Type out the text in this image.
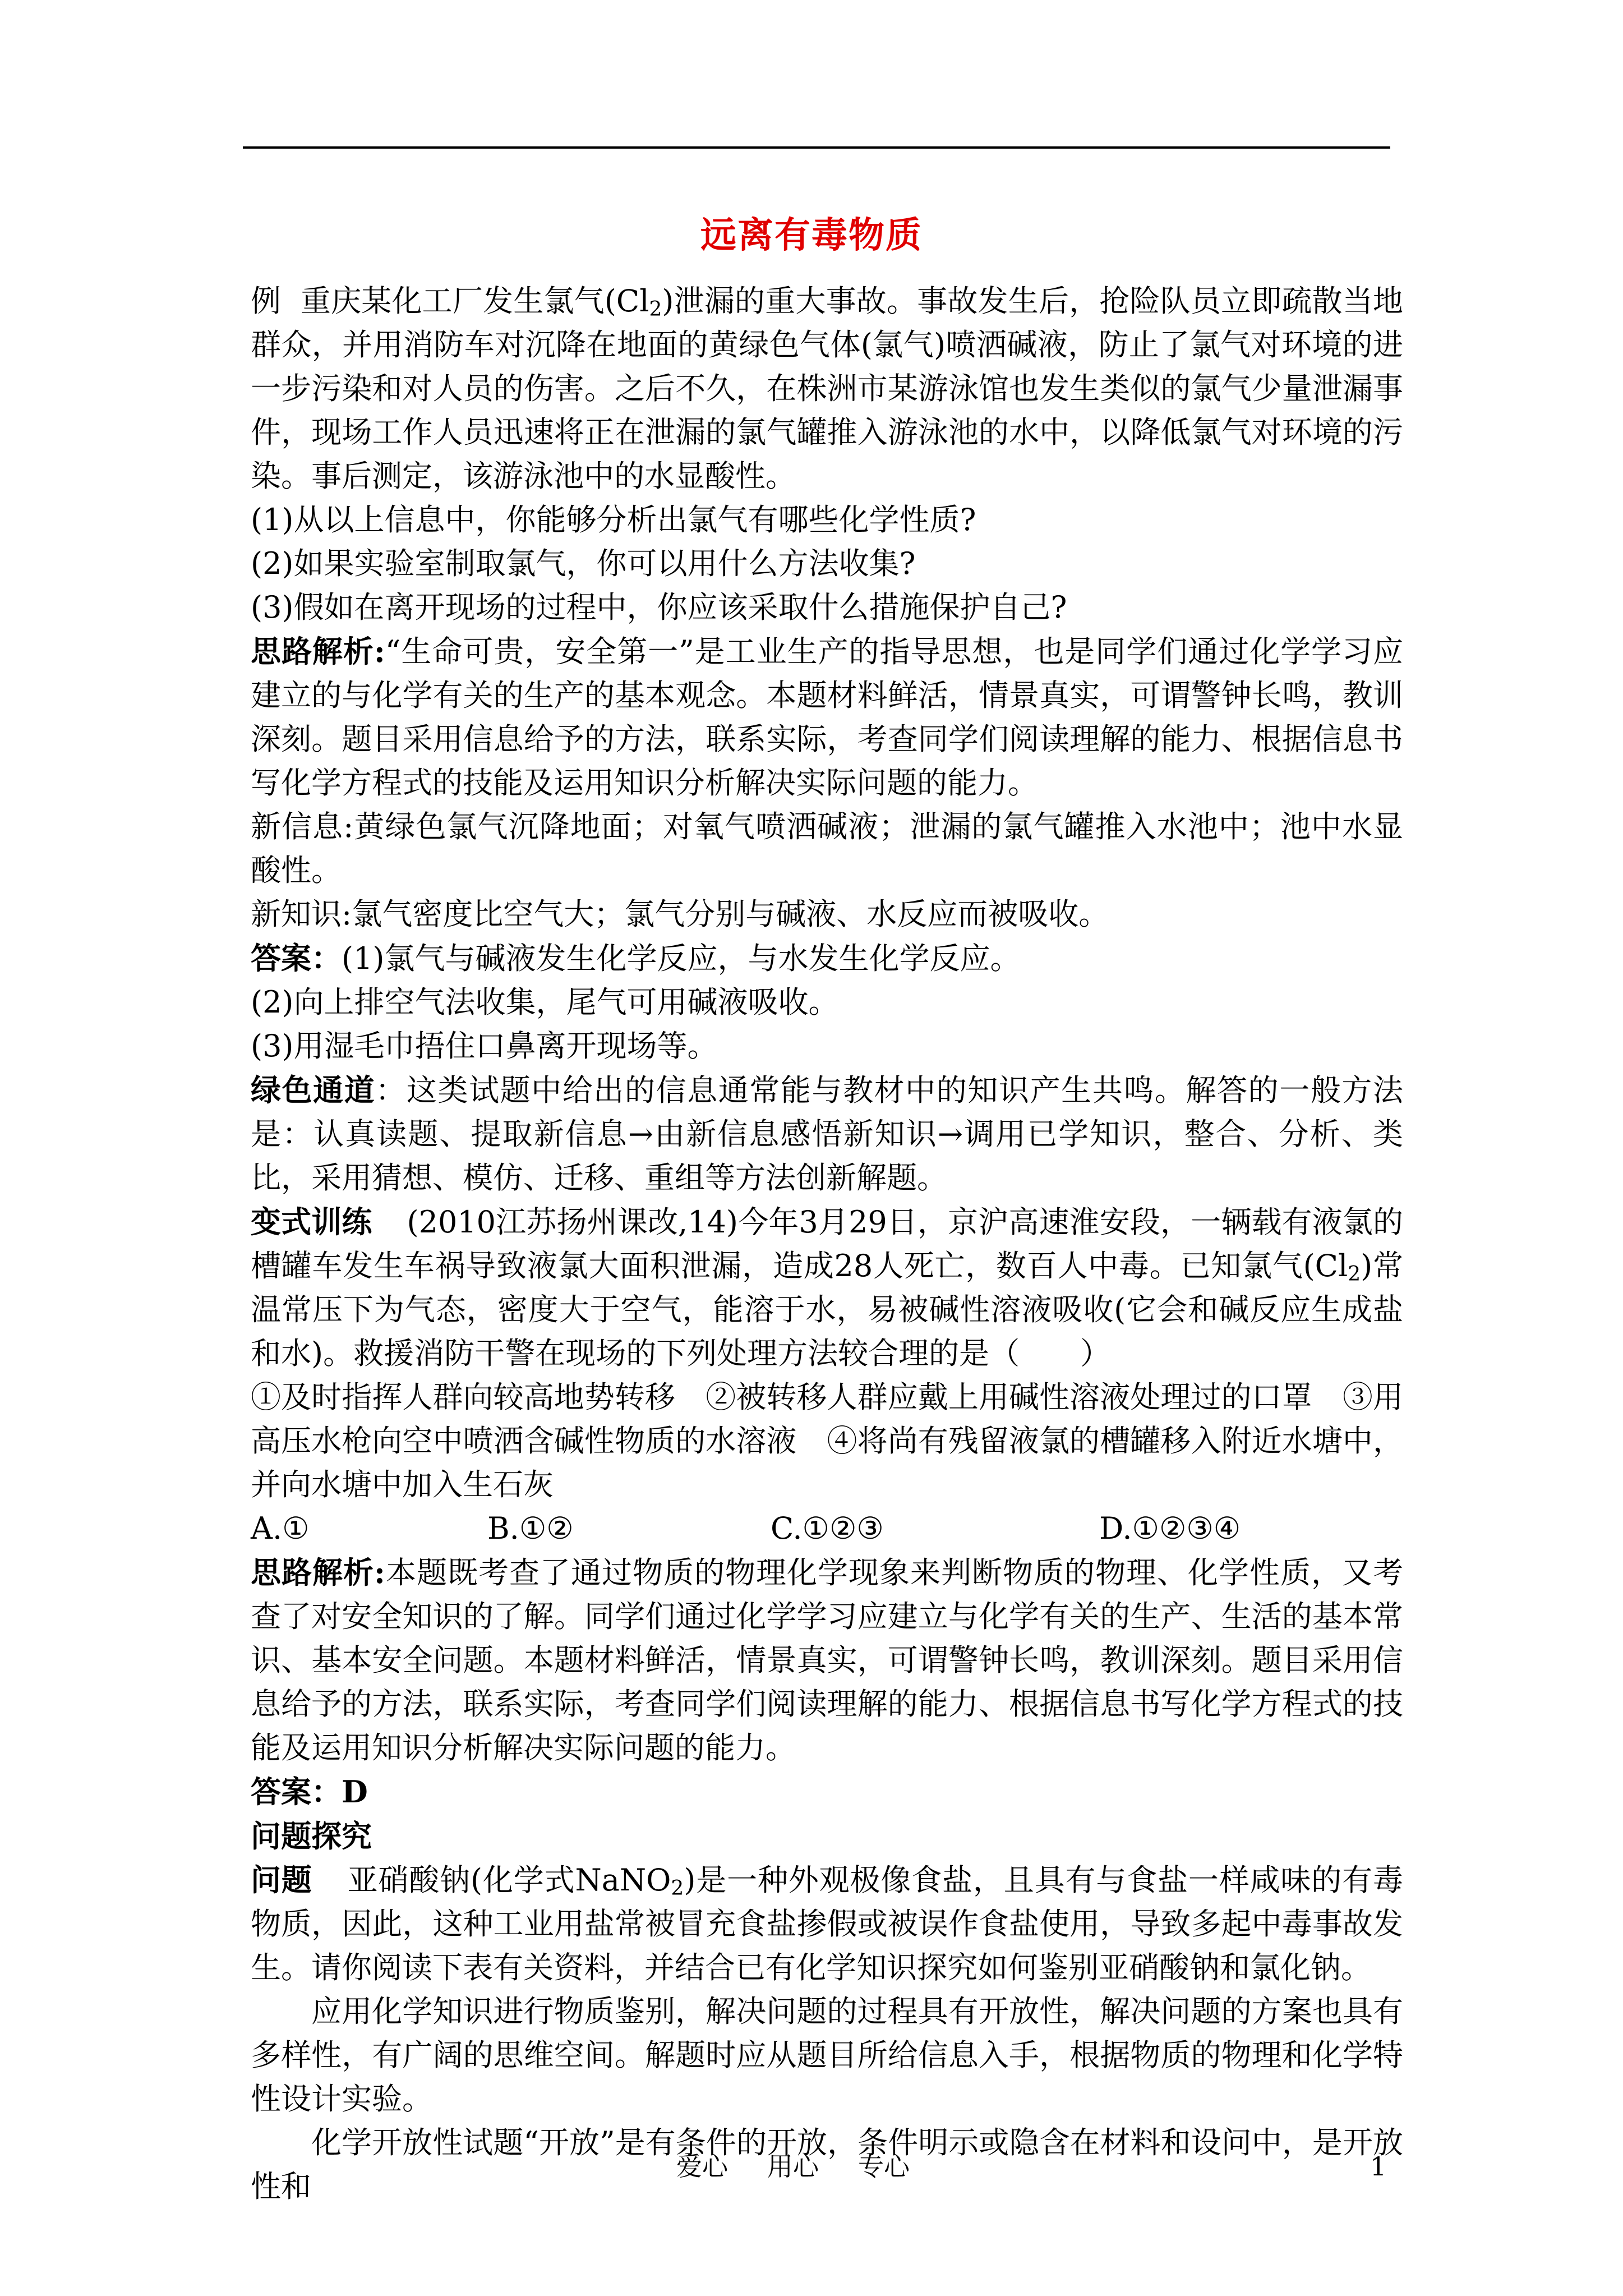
远离有毒物质

例 重庆某化工厂发生氯气$(Cl_2)$泄漏的重大事故。事故发生后，抢险队员立即疏散当地群众，并用消防车对沉降在地面的黄绿色气体(氯气)喷洒碱液，防止了氯气对环境的进一步污染和对人员的伤害。之后不久，在株洲市某游泳馆也发生类似的氯气少量泄漏事件，现场工作人员迅速将正在泄漏的氯气罐推入游泳池的水中，以降低氯气对环境的污染。事后测定，该游泳池中的水显酸性。

(1)从以上信息中，你能够分析出氯气有哪些化学性质?

(2)如果实验室制取氯气，你可以用什么方法收集?

(3)假如在离开现场的过程中，你应该采取什么措施保护自己?

思路解析:“生命可贵，安全第一”是工业生产的指导思想，也是同学们通过化学学习应建立的与化学有关的生产的基本观念。本题材料鲜活，情景真实，可谓警钟长鸣，教训深刻。题目采用信息给予的方法，联系实际，考查同学们阅读理解的能力、根据信息书写化学方程式的技能及运用知识分析解决实际问题的能力。

新信息:黄绿色氯气沉降地面；对氧气喷洒碱液；泄漏的氯气罐推入水池中；池中水显酸性。

新知识:氯气密度比空气大；氯气分别与碱液、水反应而被吸收。

答案：(1)氯气与碱液发生化学反应，与水发生化学反应。

(2)向上排空气法收集，尾气可用碱液吸收。

(3)用湿毛巾捂住口鼻离开现场等。

绿色通道：这类试题中给出的信息通常能与教材中的知识产生共鸣。解答的一般方法是：认真读题、提取新信息→由新信息感悟新知识→调用已学知识，整合、分析、类比，采用猜想、模仿、迁移、重组等方法创新解题。

变式训练 (2010江苏扬州课改,14)今年3月29日，京沪高速淮安段，一辆载有液氯的槽罐车发生车祸导致液氯大面积泄漏，造成28人死亡，数百人中毒。已知氯气$(Cl_2)$常温常压下为气态，密度大于空气，能溶于水，易被碱性溶液吸收(它会和碱反应生成盐和水)。救援消防干警在现场的下列处理方法较合理的是（　　）

①及时指挥人群向较高地势转移　②被转移人群应戴上用碱性溶液处理过的口罩　③用高压水枪向空中喷洒含碱性物质的水溶液　④将尚有残留液氯的槽罐移入附近水塘中，并向水塘中加入生石灰

A.①	B.①②	C.①②③	D.①②③④

思路解析:本题既考查了通过物质的物理化学现象来判断物质的物理、化学性质，又考查了对安全知识的了解。同学们通过化学学习应建立与化学有关的生产、生活的基本常识、基本安全问题。本题材料鲜活，情景真实，可谓警钟长鸣，教训深刻。题目采用信息给予的方法，联系实际，考查同学们阅读理解的能力、根据信息书写化学方程式的技能及运用知识分析解决实际问题的能力。

答案：D

问题探究

问题 亚硝酸钠(化学式NaNO$_2$)是一种外观极像食盐，且具有与食盐一样咸味的有毒物质，因此，这种工业用盐常被冒充食盐掺假或被误作食盐使用，导致多起中毒事故发生。请你阅读下表有关资料，并结合已有化学知识探究如何鉴别亚硝酸钠和氯化钠。

应用化学知识进行物质鉴别，解决问题的过程具有开放性，解决问题的方案也具有多样性，有广阔的思维空间。解题时应从题目所给信息入手，根据物质的物理和化学特性设计实验。

化学开放性试题“开放”是有条件的开放，条件明示或隐含在材料和设问中，是开放性和

爱心 用心 专心	1
